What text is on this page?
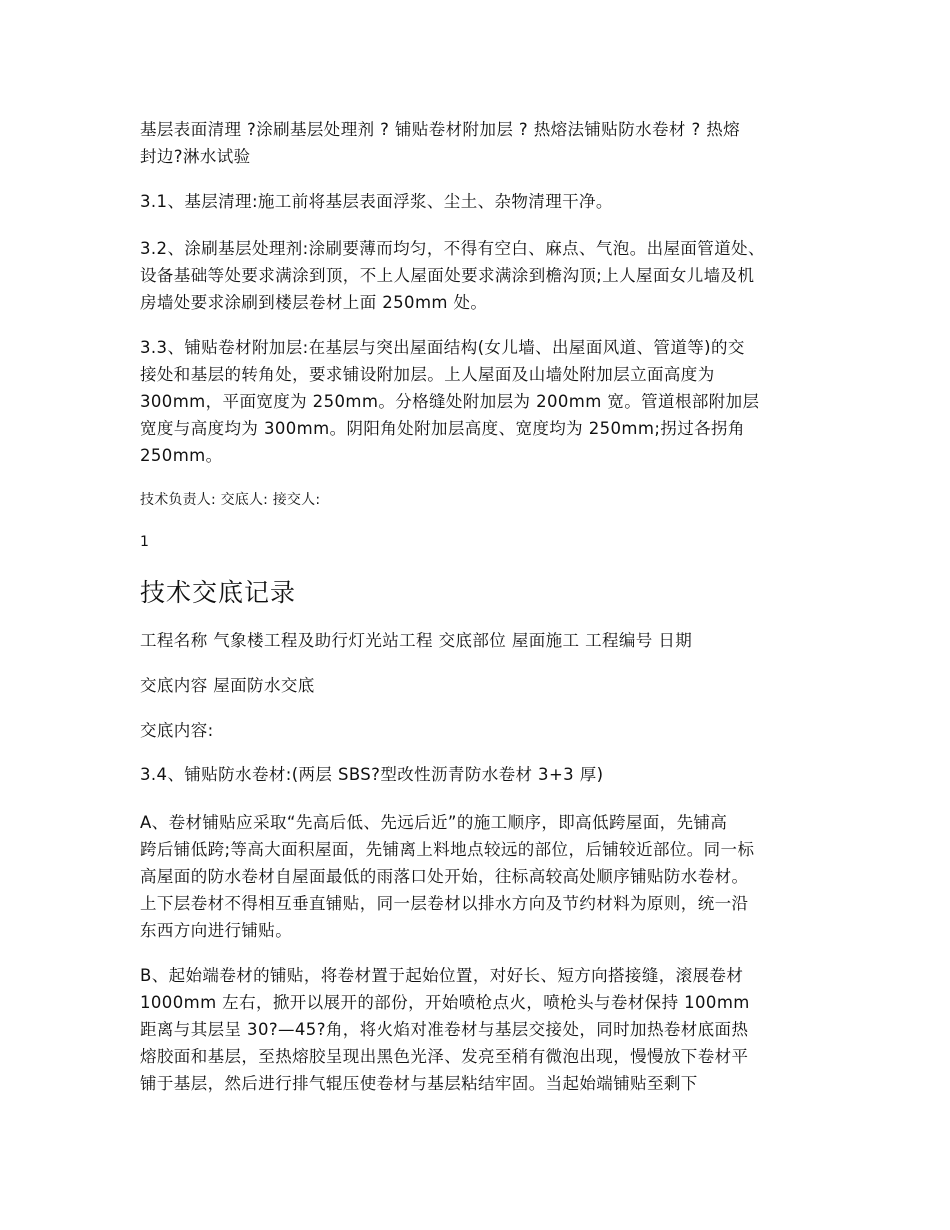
基层表面清理 ?涂刷基层处理剂 ? 铺贴卷材附加层 ? 热熔法铺贴防水卷材 ? 热熔
封边?淋水试验
3.1、基层清理:施工前将基层表面浮浆、尘土、杂物清理干净。
3.2、涂刷基层处理剂:涂刷要薄而均匀，不得有空白、麻点、气泡。出屋面管道处、
设备基础等处要求满涂到顶，不上人屋面处要求满涂到檐沟顶;上人屋面女儿墙及机
房墙处要求涂刷到楼层卷材上面 250mm 处。
3.3、铺贴卷材附加层:在基层与突出屋面结构(女儿墙、出屋面风道、管道等)的交
接处和基层的转角处，要求铺设附加层。上人屋面及山墙处附加层立面高度为
300mm，平面宽度为 250mm。分格缝处附加层为 200mm 宽。管道根部附加层
宽度与高度均为 300mm。阴阳角处附加层高度、宽度均为 250mm;拐过各拐角
250mm。
技术负责人: 交底人: 接交人:
1
技术交底记录
工程名称 气象楼工程及助行灯光站工程 交底部位 屋面施工 工程编号 日期
交底内容 屋面防水交底
交底内容:
3.4、铺贴防水卷材:(两层 SBS?型改性沥青防水卷材 3+3 厚)
A、卷材铺贴应采取“先高后低、先远后近”的施工顺序，即高低跨屋面，先铺高
跨后铺低跨;等高大面积屋面，先铺离上料地点较远的部位，后铺较近部位。同一标
高屋面的防水卷材自屋面最低的雨落口处开始，往标高较高处顺序铺贴防水卷材。
上下层卷材不得相互垂直铺贴，同一层卷材以排水方向及节约材料为原则，统一沿
东西方向进行铺贴。
B、起始端卷材的铺贴，将卷材置于起始位置，对好长、短方向搭接缝，滚展卷材
1000mm 左右，掀开以展开的部份，开始喷枪点火，喷枪头与卷材保持 100mm
距离与其层呈 30?—45?角，将火焰对准卷材与基层交接处，同时加热卷材底面热
熔胶面和基层，至热熔胶呈现出黑色光泽、发亮至稍有微泡出现，慢慢放下卷材平
铺于基层，然后进行排气辊压使卷材与基层粘结牢固。当起始端铺贴至剩下
